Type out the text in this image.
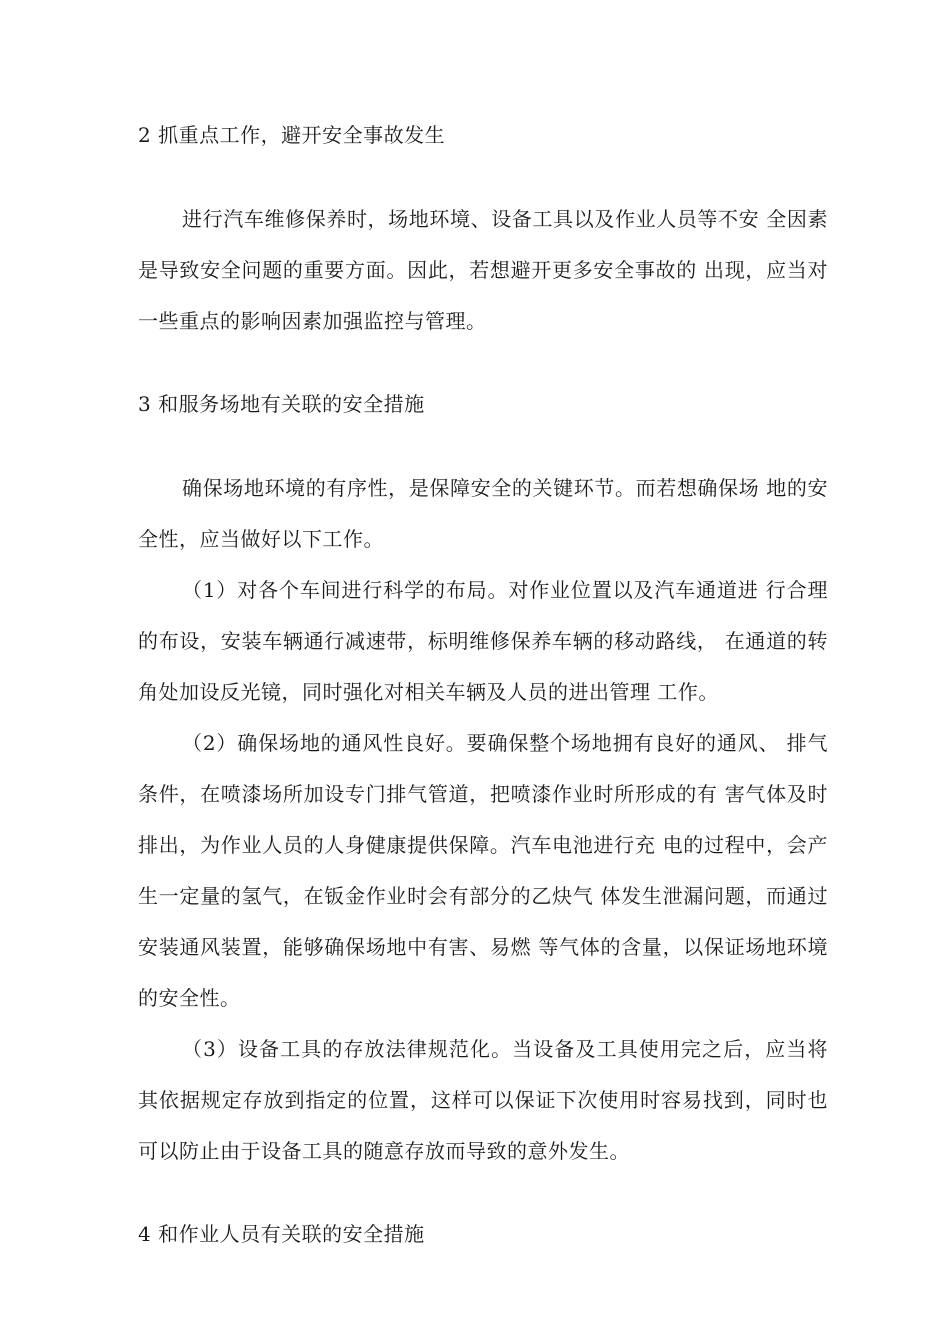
2 抓重点工作，避开安全事故发生

进行汽车维修保养时，场地环境、设备工具以及作业人员等不安 全因素是导致安全问题的重要方面。因此，若想避开更多安全事故的 出现，应当对一些重点的影响因素加强监控与管理。

3 和服务场地有关联的安全措施

确保场地环境的有序性，是保障安全的关键环节。而若想确保场 地的安全性，应当做好以下工作。

（1）对各个车间进行科学的布局。对作业位置以及汽车通道进 行合理的布设，安装车辆通行减速带，标明维修保养车辆的移动路线， 在通道的转角处加设反光镜，同时强化对相关车辆及人员的进出管理 工作。

（2）确保场地的通风性良好。要确保整个场地拥有良好的通风、 排气条件，在喷漆场所加设专门排气管道，把喷漆作业时所形成的有 害气体及时排出，为作业人员的人身健康提供保障。汽车电池进行充 电的过程中，会产生一定量的氢气，在钣金作业时会有部分的乙炔气 体发生泄漏问题，而通过安装通风装置，能够确保场地中有害、易燃 等气体的含量，以保证场地环境的安全性。

（3）设备工具的存放法律规范化。当设备及工具使用完之后，应当将其依据规定存放到指定的位置，这样可以保证下次使用时容易找到，同时也可以防止由于设备工具的随意存放而导致的意外发生。

4 和作业人员有关联的安全措施
